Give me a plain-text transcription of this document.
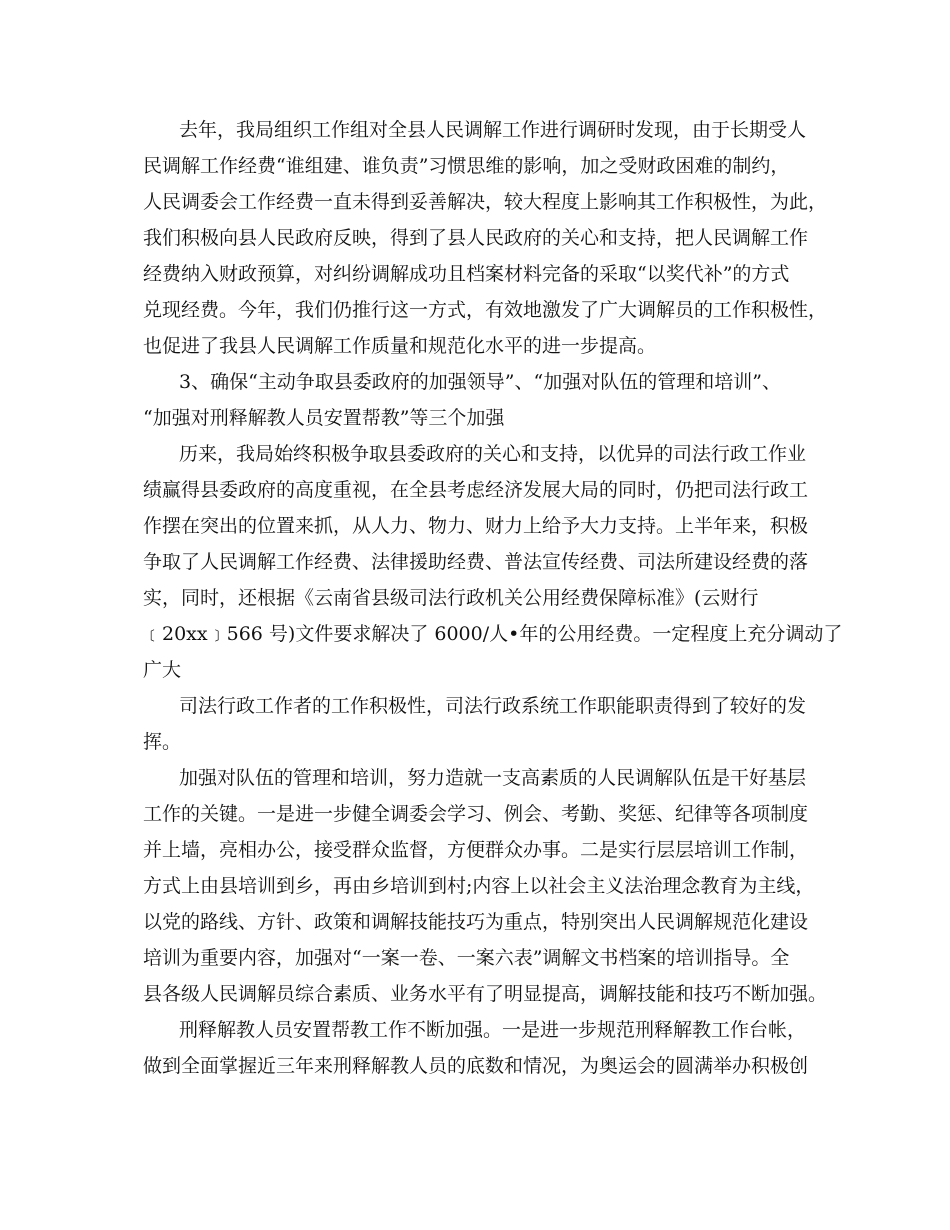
去年，我局组织工作组对全县人民调解工作进行调研时发现，由于长期受人
民调解工作经费“谁组建、谁负责”习惯思维的影响，加之受财政困难的制约，
人民调委会工作经费一直未得到妥善解决，较大程度上影响其工作积极性，为此，
我们积极向县人民政府反映，得到了县人民政府的关心和支持，把人民调解工作
经费纳入财政预算，对纠纷调解成功且档案材料完备的采取“以奖代补”的方式
兑现经费。今年，我们仍推行这一方式，有效地激发了广大调解员的工作积极性，
也促进了我县人民调解工作质量和规范化水平的进一步提高。
3、确保“主动争取县委政府的加强领导”、“加强对队伍的管理和培训”、
“加强对刑释解教人员安置帮教”等三个加强
历来，我局始终积极争取县委政府的关心和支持，以优异的司法行政工作业
绩赢得县委政府的高度重视，在全县考虑经济发展大局的同时，仍把司法行政工
作摆在突出的位置来抓，从人力、物力、财力上给予大力支持。上半年来，积极
争取了人民调解工作经费、法律援助经费、普法宣传经费、司法所建设经费的落
实，同时，还根据《云南省县级司法行政机关公用经费保障标准》(云财行
﹝20xx﹞566 号)文件要求解决了 6000/人•年的公用经费。一定程度上充分调动了
广大
司法行政工作者的工作积极性，司法行政系统工作职能职责得到了较好的发
挥。
加强对队伍的管理和培训，努力造就一支高素质的人民调解队伍是干好基层
工作的关键。一是进一步健全调委会学习、例会、考勤、奖惩、纪律等各项制度
并上墙，亮相办公，接受群众监督，方便群众办事。二是实行层层培训工作制，
方式上由县培训到乡，再由乡培训到村;内容上以社会主义法治理念教育为主线，
以党的路线、方针、政策和调解技能技巧为重点，特别突出人民调解规范化建设
培训为重要内容，加强对“一案一卷、一案六表”调解文书档案的培训指导。全
县各级人民调解员综合素质、业务水平有了明显提高，调解技能和技巧不断加强。
刑释解教人员安置帮教工作不断加强。一是进一步规范刑释解教工作台帐，
做到全面掌握近三年来刑释解教人员的底数和情况，为奥运会的圆满举办积极创
